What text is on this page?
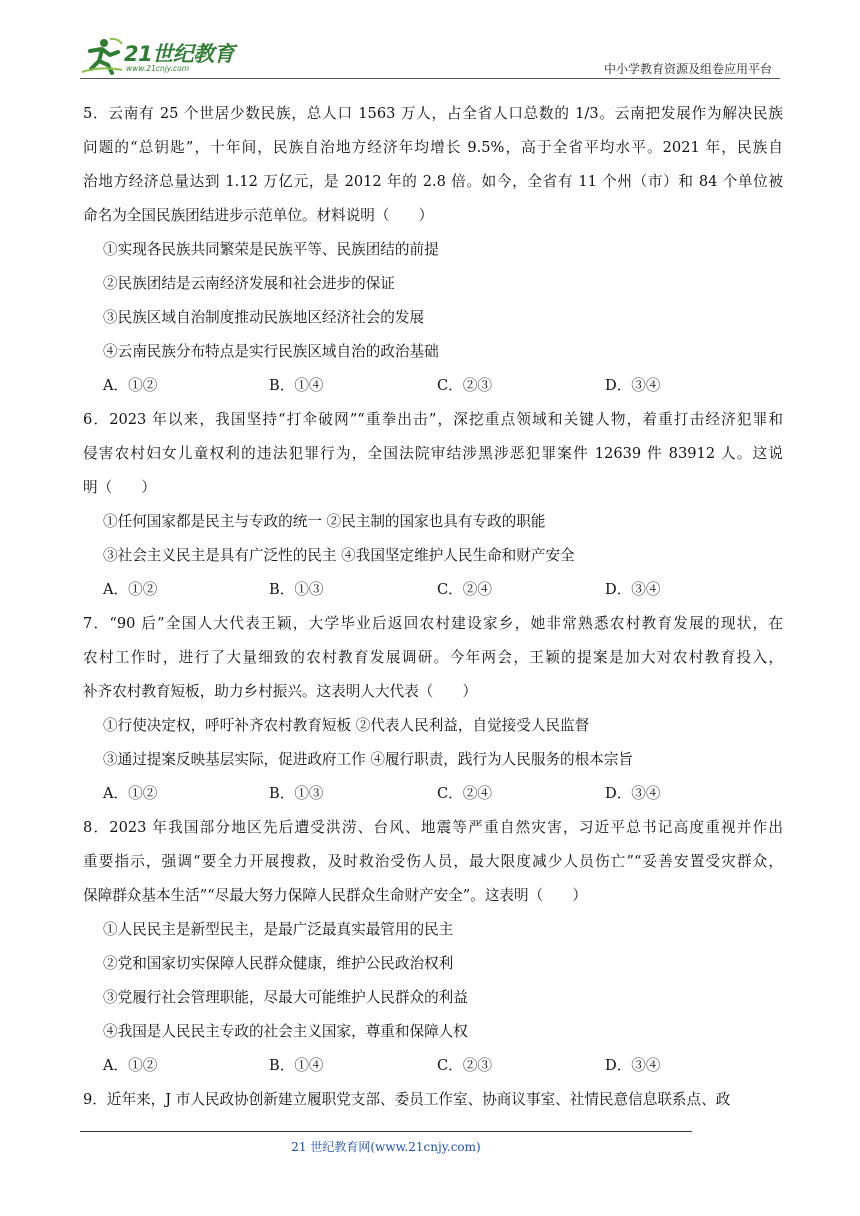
21世纪教育
www.21cnjy.com	中小学教育资源及组卷应用平台
5．云南有 25 个世居少数民族，总人口 1563 万人，占全省人口总数的 1/3。云南把发展作为解决民族
问题的“总钥匙”，十年间，民族自治地方经济年均增长 9.5%，高于全省平均水平。2021 年，民族自
治地方经济总量达到 1.12 万亿元，是 2012 年的 2.8 倍。如今，全省有 11 个州（市）和 84 个单位被
命名为全国民族团结进步示范单位。材料说明（　　）
①实现各民族共同繁荣是民族平等、民族团结的前提
②民族团结是云南经济发展和社会进步的保证
③民族区域自治制度推动民族地区经济社会的发展
④云南民族分布特点是实行民族区域自治的政治基础
A．①②	B．①④	C．②③	D．③④
6．2023 年以来，我国坚持“打伞破网”“重拳出击”，深挖重点领域和关键人物，着重打击经济犯罪和
侵害农村妇女儿童权利的违法犯罪行为，全国法院审结涉黑涉恶犯罪案件 12639 件 83912 人。这说
明（　　）
①任何国家都是民主与专政的统一 ②民主制的国家也具有专政的职能
③社会主义民主是具有广泛性的民主 ④我国坚定维护人民生命和财产安全
A．①②	B．①③	C．②④	D．③④
7．“90 后”全国人大代表王颖，大学毕业后返回农村建设家乡，她非常熟悉农村教育发展的现状，在
农村工作时，进行了大量细致的农村教育发展调研。今年两会，王颖的提案是加大对农村教育投入，
补齐农村教育短板，助力乡村振兴。这表明人大代表（　　）
①行使决定权，呼吁补齐农村教育短板 ②代表人民利益，自觉接受人民监督
③通过提案反映基层实际，促进政府工作 ④履行职责，践行为人民服务的根本宗旨
A．①②	B．①③	C．②④	D．③④
8．2023 年我国部分地区先后遭受洪涝、台风、地震等严重自然灾害，习近平总书记高度重视并作出
重要指示，强调“要全力开展搜救，及时救治受伤人员，最大限度减少人员伤亡”“妥善安置受灾群众，
保障群众基本生活”“尽最大努力保障人民群众生命财产安全”。这表明（　　）
①人民民主是新型民主，是最广泛最真实最管用的民主
②党和国家切实保障人民群众健康，维护公民政治权利
③党履行社会管理职能，尽最大可能维护人民群众的利益
④我国是人民民主专政的社会主义国家，尊重和保障人权
A．①②	B．①④	C．②③	D．③④
9．近年来，J 市人民政协创新建立履职党支部、委员工作室、协商议事室、社情民意信息联系点、政
21 世纪教育网(www.21cnjy.com)
